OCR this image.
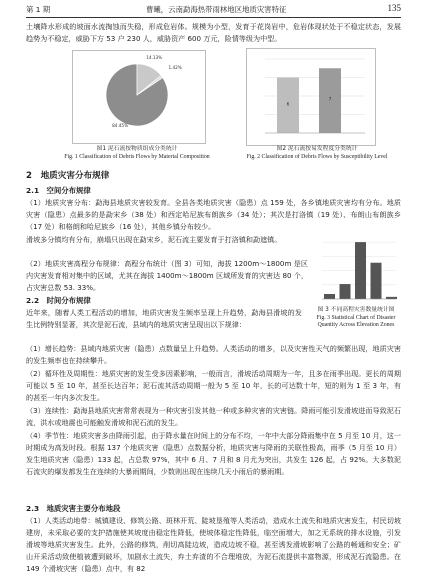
第 1 期	曹曦，云南勐海热带雨林地区地质灾害特征	135
土壤降水形成的坡面水流掏蚀而失稳，形成危岩体。规模为小型，发育于花岗岩中，危岩体现状处于不稳定状态，发展趋势为不稳定，威胁下方 53 户 230 人，威胁资产 600 万元，险情等级为中型。
84.45%
14.13%
1.42%
图1 泥石流按物质组成分类统计
Fig. 1 Classification of Debris Flows by Material Composition
6
7
图2 泥石流按易发程度分类统计
Fig. 2 Classification of Debris Flows by Susceptibility Level
2　地质灾害分布规律
2.1　空间分布规律
（1）地质灾害分布：勐海县地质灾害较发育。全县各类地质灾害（隐患）点 159 处，各乡镇地质灾害均有分布。地质灾害（隐患）点最多的是勐宋乡（38 处）和西定哈尼族布朗族乡（34 处）；其次是打洛镇（19 处）、布朗山布朗族乡（17 处）和格朗和哈尼族乡（16 处），其他乡镇分布较少。
滑坡多分镇均有分布，崩塌只出现在勐宋乡，泥石流主要发育于打洛镇和勐遮镇。
（2）地质灾害高程分布规律：高程分布统计（图 3）可知，海拔 1200m～1800m 是区内灾害发育相对集中的区域，尤其在海拔 1400m～1800m 区域所发育的灾害达 80 个，占灾害总数 53. 33%。
图 3 不同高程灾害数量统计图
Fig. 3 Statistical Chart of Disaster
Quantity Across Elevation Zones
2.2　时间分布规律
近年来，随着人类工程活动的增加，地质灾害发生频率呈现上升趋势，勐海县滑坡的发生比例特别显著，其次是泥石流，县域内的地质灾害呈现出以下规律：
（1）增长趋势：县域内地质灾害（隐患）点数量呈上升趋势。人类活动的增多，以及灾害性天气的频繁出现，地质灾害的发生频率也在持续攀升。
（2）循环性及周期性：地质灾害的发生受多因素影响，一般而言，滑坡活动周期为一年，且多在雨季出现。更长的周期可能以 5 至 10 年，甚至长达百年；泥石流其活动周期一般为 5 至 10 年，长的可达数十年，短的则为 1 至 3 年，有的甚至一年内多次发生。
（3）连续性：勐海县地质灾害常常表现为一种灾害引发其他一种或多种灾害的灾害链。降雨可能引发滑坡进而导致泥石流，洪水或地震也可能触发滑坡和泥石流的发生。
（4）季节性：地质灾害多由降雨引起，由于降水量在时间上的分布不均，一年中大部分降雨集中在 5 月至 10 月，这一时期成为高发时段。根据 137 个地质灾害（隐患）点数据分析，地质灾害与降雨的关联性极高，雨季（5 月至 10 月）发生地质灾害（隐患）133 起，占总数 97%，其中 6 月、7 月和 8 月尤为突出，共发生 126 起，占 92%。大多数泥石流灾的爆发都发生在连续的大暴雨期间，少数则出现在连续几天小雨后的暴雨期。
2.3　地质灾害主要分布地段
（1）人类活动地带：城镇建设、修筑公路、斑林开荒、陡坡垦殖等人类活动，造成水土流失和地质灾害发生，村民切坡建房，未采取必要的支护措施使其坡度由稳定性降低，使坡体稳定性降低，临空面增大，加之无系统的排水设施，引发滑坡等地质灾害发生。此外，公路的修筑，削切高陡边坡，造成边坡不稳，甚至诱发滑坡影响了公路的畅通和安全；矿山开采活动致使植被遭到破坏，加剧水土流失，弃土弃渣的不合理堆放，为泥石流提供丰富物源，形成泥石流隐患。在 149 个滑坡灾害（隐患）点中，有 82
